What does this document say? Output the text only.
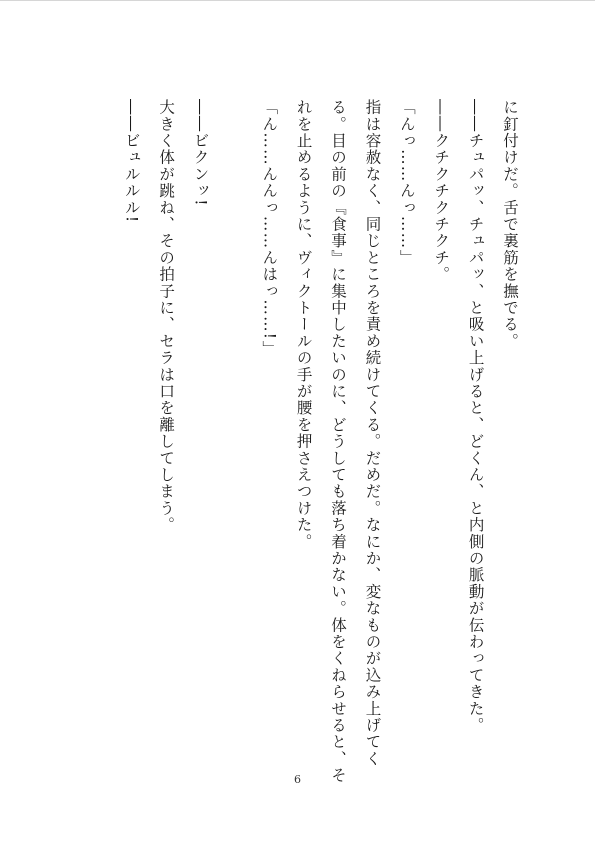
に釘付けだ。舌で裏筋を撫でる。

――チュパッ、チュパッ、と吸い上げると、どくん、と内側の脈動が伝わってきた。

――クチクチクチクチ。

「んっ……んっ……」

指は容赦なく、同じところを責め続けてくる。だめだ。なにか、変なものが込み上げてく

る。目の前の『食事』に集中したいのに、どうしても落ち着かない。体をくねらせると、そ

れを止めるように、ヴィクトールの手が腰を押さえつけた。

「ん……んんっ……んはっ……!」

――ビクンッ!

大きく体が跳ね、その拍子に、セラは口を離してしまう。

――ビュルルル!

6
